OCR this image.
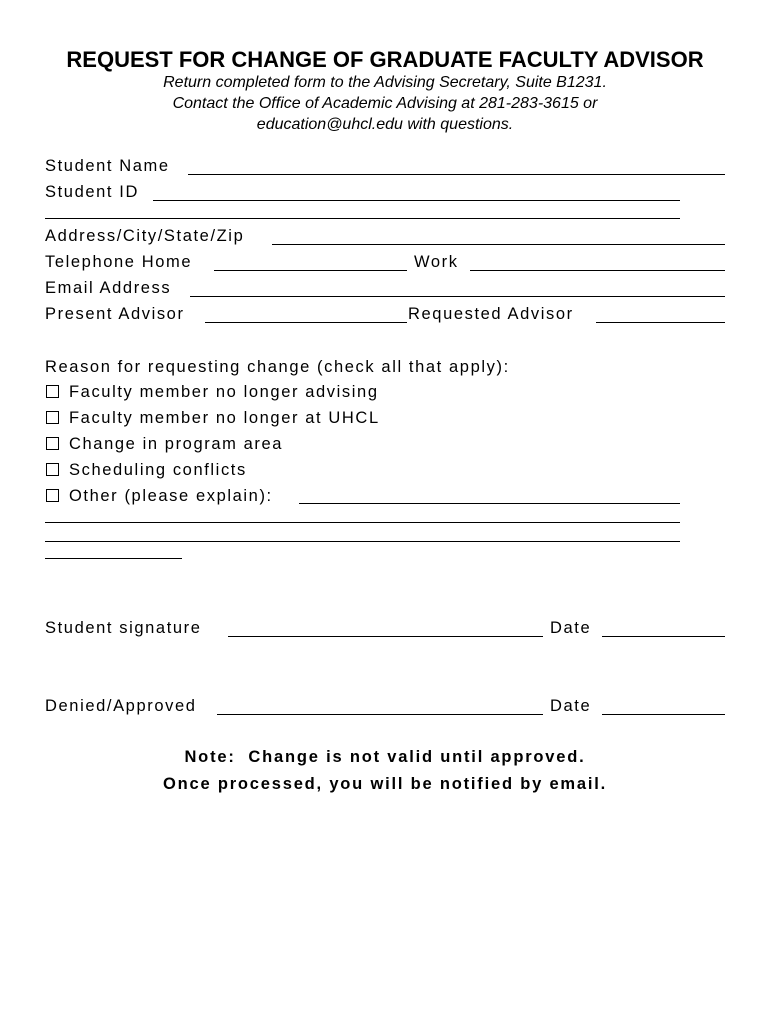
REQUEST FOR CHANGE OF GRADUATE FACULTY ADVISOR
Return completed form to the Advising Secretary, Suite B1231.
Contact the Office of Academic Advising at 281-283-3615 or
education@uhcl.edu with questions.
Student Name
Student ID
Address/City/State/Zip
Telephone Home	Work
Email Address
Present Advisor	Requested Advisor
Reason for requesting change (check all that apply):
Faculty member no longer advising
Faculty member no longer at UHCL
Change in program area
Scheduling conflicts
Other (please explain):
Student signature	Date
Denied/Approved	Date
Note:  Change is not valid until approved.
Once processed, you will be notified by email.
